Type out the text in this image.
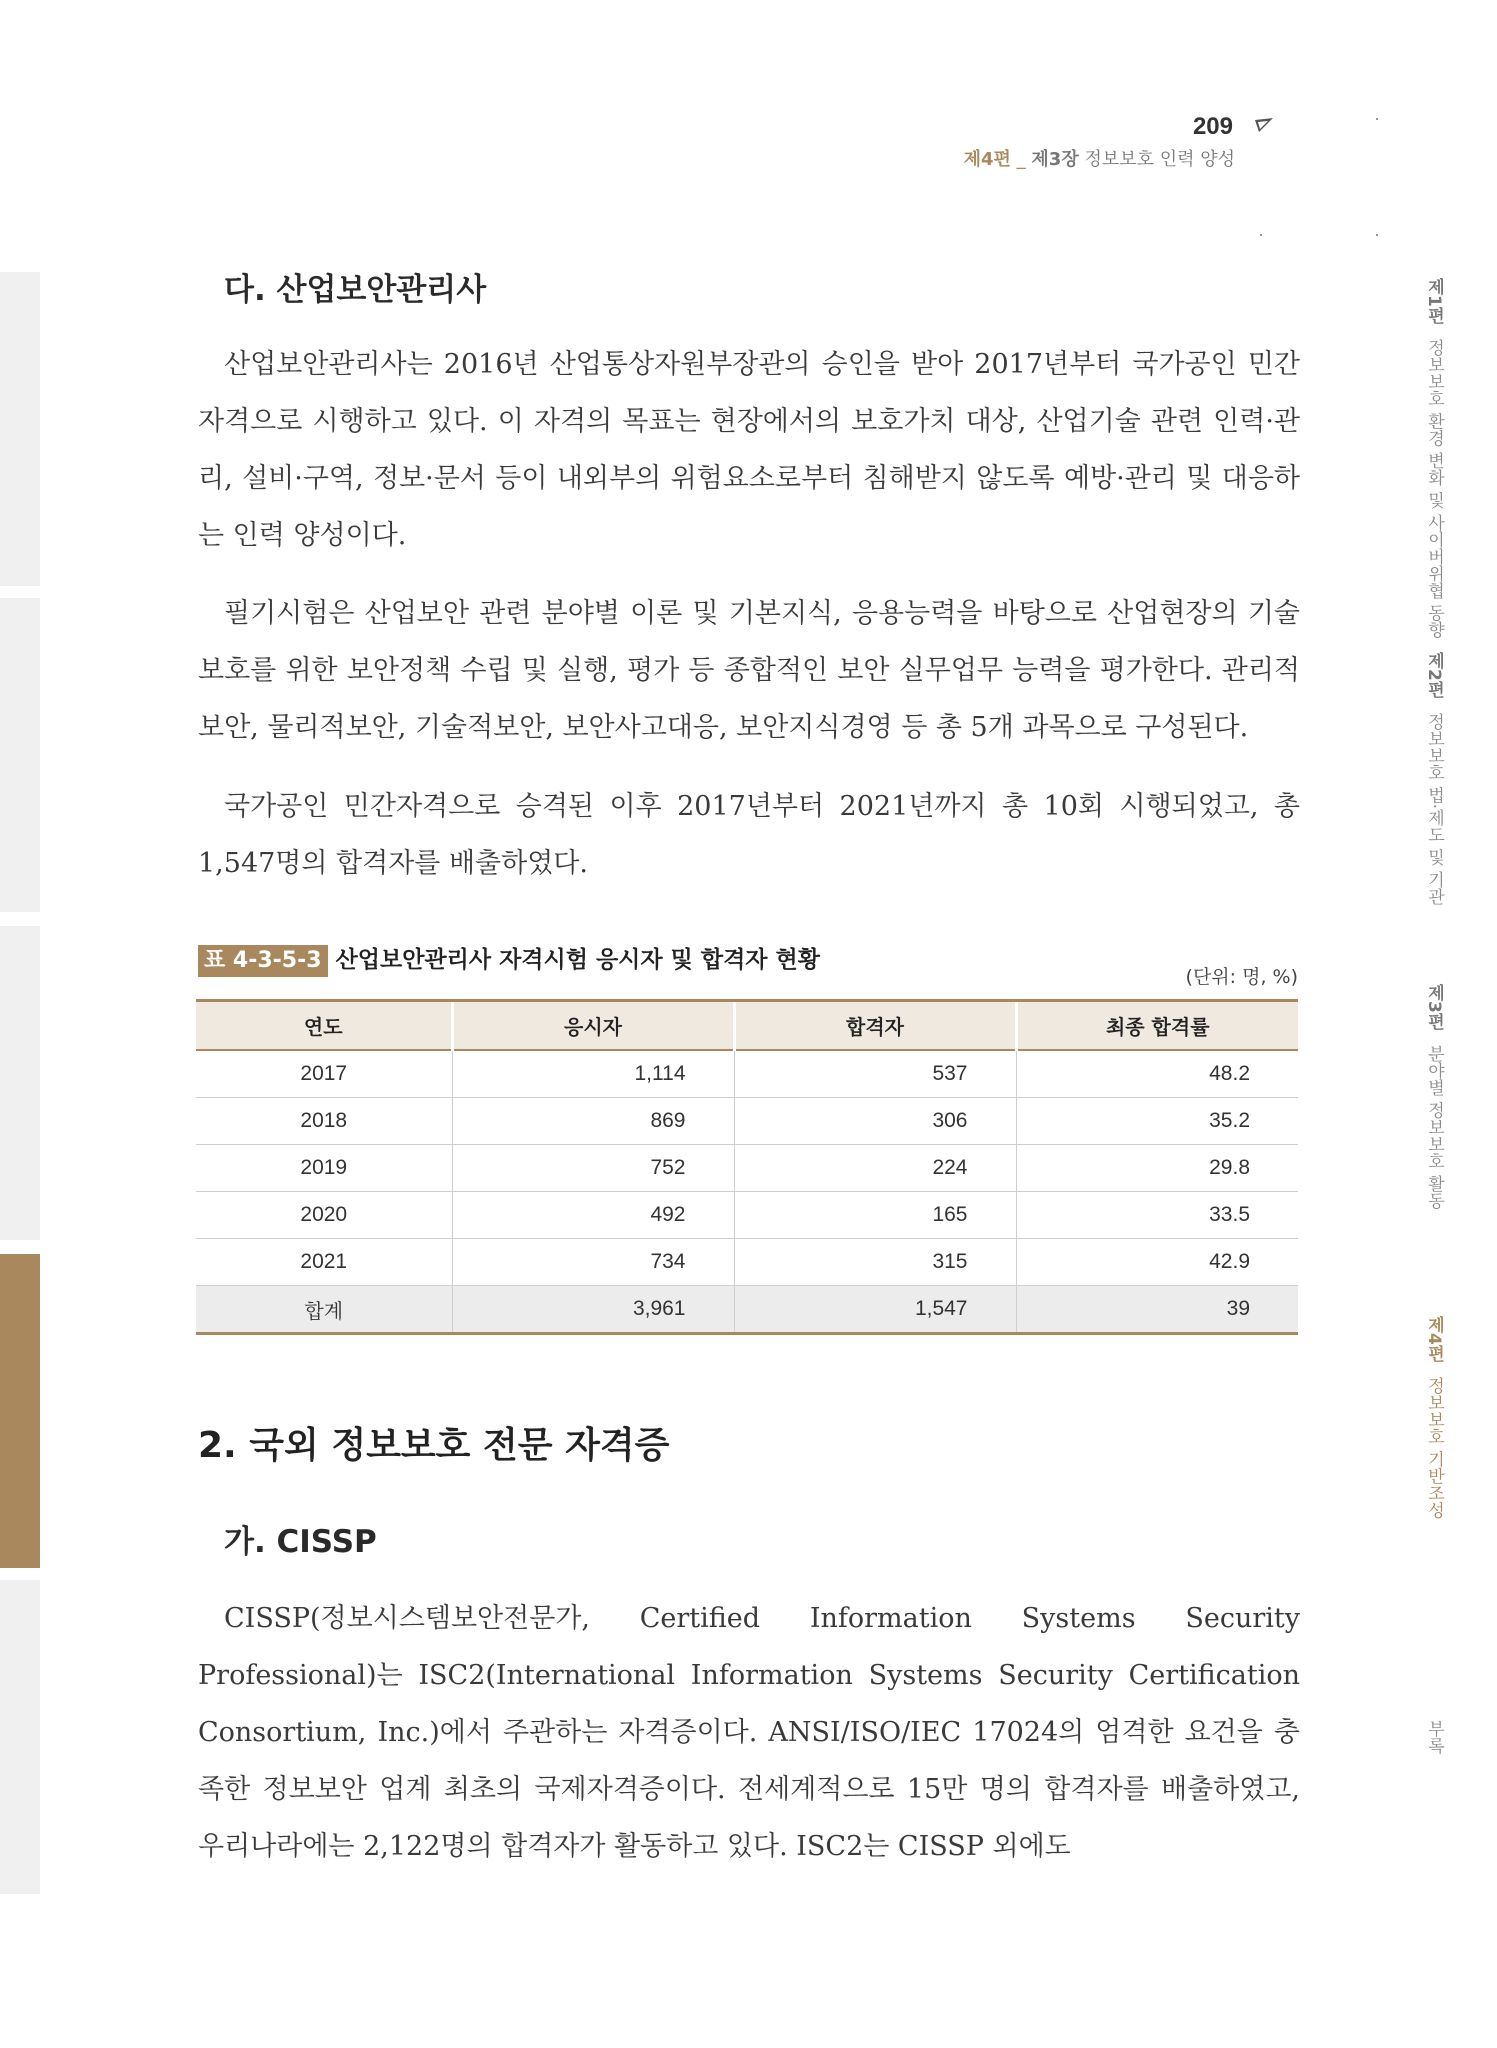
209
제4편 _ 제3장 정보보호 인력 양성
다. 산업보안관리사

산업보안관리사는 2016년 산업통상자원부장관의 승인을 받아 2017년부터 국가공인 민간자격으로 시행하고 있다. 이 자격의 목표는 현장에서의 보호가치 대상, 산업기술 관련 인력·관리, 설비·구역, 정보·문서 등이 내외부의 위험요소로부터 침해받지 않도록 예방·관리 및 대응하는 인력 양성이다.

필기시험은 산업보안 관련 분야별 이론 및 기본지식, 응용능력을 바탕으로 산업현장의 기술 보호를 위한 보안정책 수립 및 실행, 평가 등 종합적인 보안 실무업무 능력을 평가한다. 관리적 보안, 물리적보안, 기술적보안, 보안사고대응, 보안지식경영 등 총 5개 과목으로 구성된다.

국가공인 민간자격으로 승격된 이후 2017년부터 2021년까지 총 10회 시행되었고, 총 1,547명의 합격자를 배출하였다.

표 4-3-5-3 산업보안관리사 자격시험 응시자 및 합격자 현황
(단위: 명, %)
연도	응시자	합격자	최종 합격률
2017	1,114	537	48.2
2018	869	306	35.2
2019	752	224	29.8
2020	492	165	33.5
2021	734	315	42.9
합계	3,961	1,547	39
2. 국외 정보보호 전문 자격증
가. CISSP

CISSP(정보시스템보안전문가, Certified Information Systems Security Professional)는 ISC2(International Information Systems Security Certification Consortium, Inc.)에서 주관하는 자격증이다. ANSI/ISO/IEC 17024의 엄격한 요건을 충족한 정보보안 업계 최초의 국제자격증이다. 전세계적으로 15만 명의 합격자를 배출하였고, 우리나라에는 2,122명의 합격자가 활동하고 있다. ISC2는 CISSP 외에도

제1편 정보보호 환경 변화 및 사이버위협 동향
제2편 정보보호 법·제도 및 기관
제3편 분야별 정보보호 활동
제4편 정보보호 기반조성
부록
